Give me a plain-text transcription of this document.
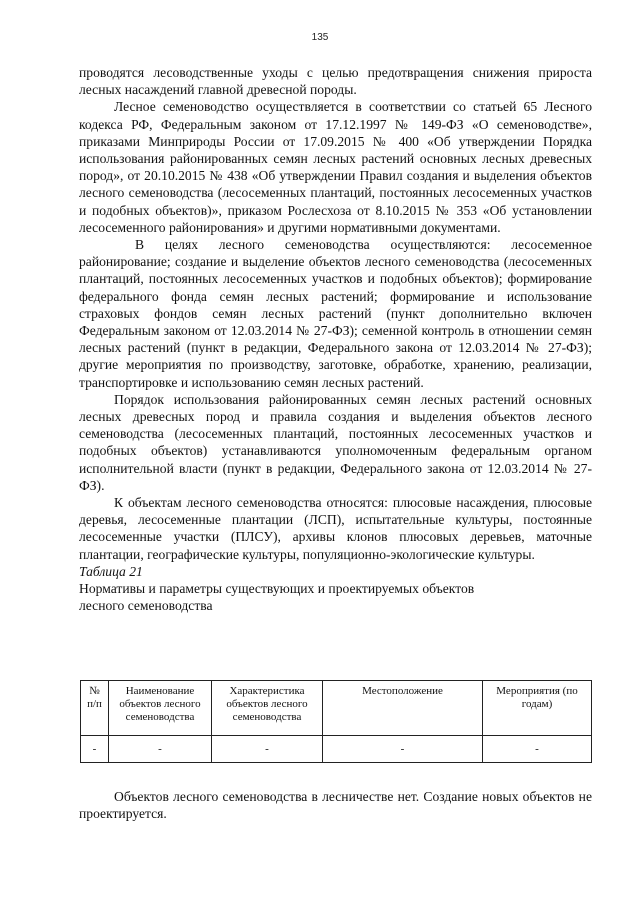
135

проводятся лесоводственные уходы с целью предотвращения снижения прироста лесных насаждений главной древесной породы.

Лесное семеноводство осуществляется в соответствии со статьей 65 Лесного кодекса РФ, Федеральным законом от 17.12.1997 № 149-ФЗ «О семеноводстве», приказами Минприроды России от 17.09.2015 № 400 «Об утверждении Порядка использования районированных семян лесных растений основных лесных древесных пород», от 20.10.2015 № 438 «Об утверждении Правил создания и выделения объектов лесного семеноводства (лесосеменных плантаций, постоянных лесосеменных участков и подобных объектов)», приказом Рослесхоза от 8.10.2015 № 353 «Об установлении лесосеменного районирования» и другими нормативными документами.

В целях лесного семеноводства осуществляются: лесосеменное районирование; создание и выделение объектов лесного семеноводства (лесосеменных плантаций, постоянных лесосеменных участков и подобных объектов); формирование федерального фонда семян лесных растений; формирование и использование страховых фондов семян лесных растений (пункт дополнительно включен Федеральным законом от 12.03.2014 № 27-ФЗ); семенной контроль в отношении семян лесных растений (пункт в редакции, Федерального закона от 12.03.2014 № 27-ФЗ); другие мероприятия по производству, заготовке, обработке, хранению, реализации, транспортировке и использованию семян лесных растений.

Порядок использования районированных семян лесных растений основных лесных древесных пород и правила создания и выделения объектов лесного семеноводства (лесосеменных плантаций, постоянных лесосеменных участков и подобных объектов) устанавливаются уполномоченным федеральным органом исполнительной власти (пункт в редакции, Федерального закона от 12.03.2014 № 27-ФЗ).

К объектам лесного семеноводства относятся: плюсовые насаждения, плюсовые деревья, лесосеменные плантации (ЛСП), испытательные культуры, постоянные лесосеменные участки (ПЛСУ), архивы клонов плюсовых деревьев, маточные плантации, географические культуры, популяционно-экологические культуры.

Таблица 21

Нормативы и параметры существующих и проектируемых объектов

лесного семеноводства

№ п/п	Наименование объектов лесного семеноводства	Характеристика объектов лесного семеноводства	Местоположение	Мероприятия (по годам)
-	-	-	-	-

Объектов лесного семеноводства в лесничестве нет. Создание новых объектов не проектируется.
